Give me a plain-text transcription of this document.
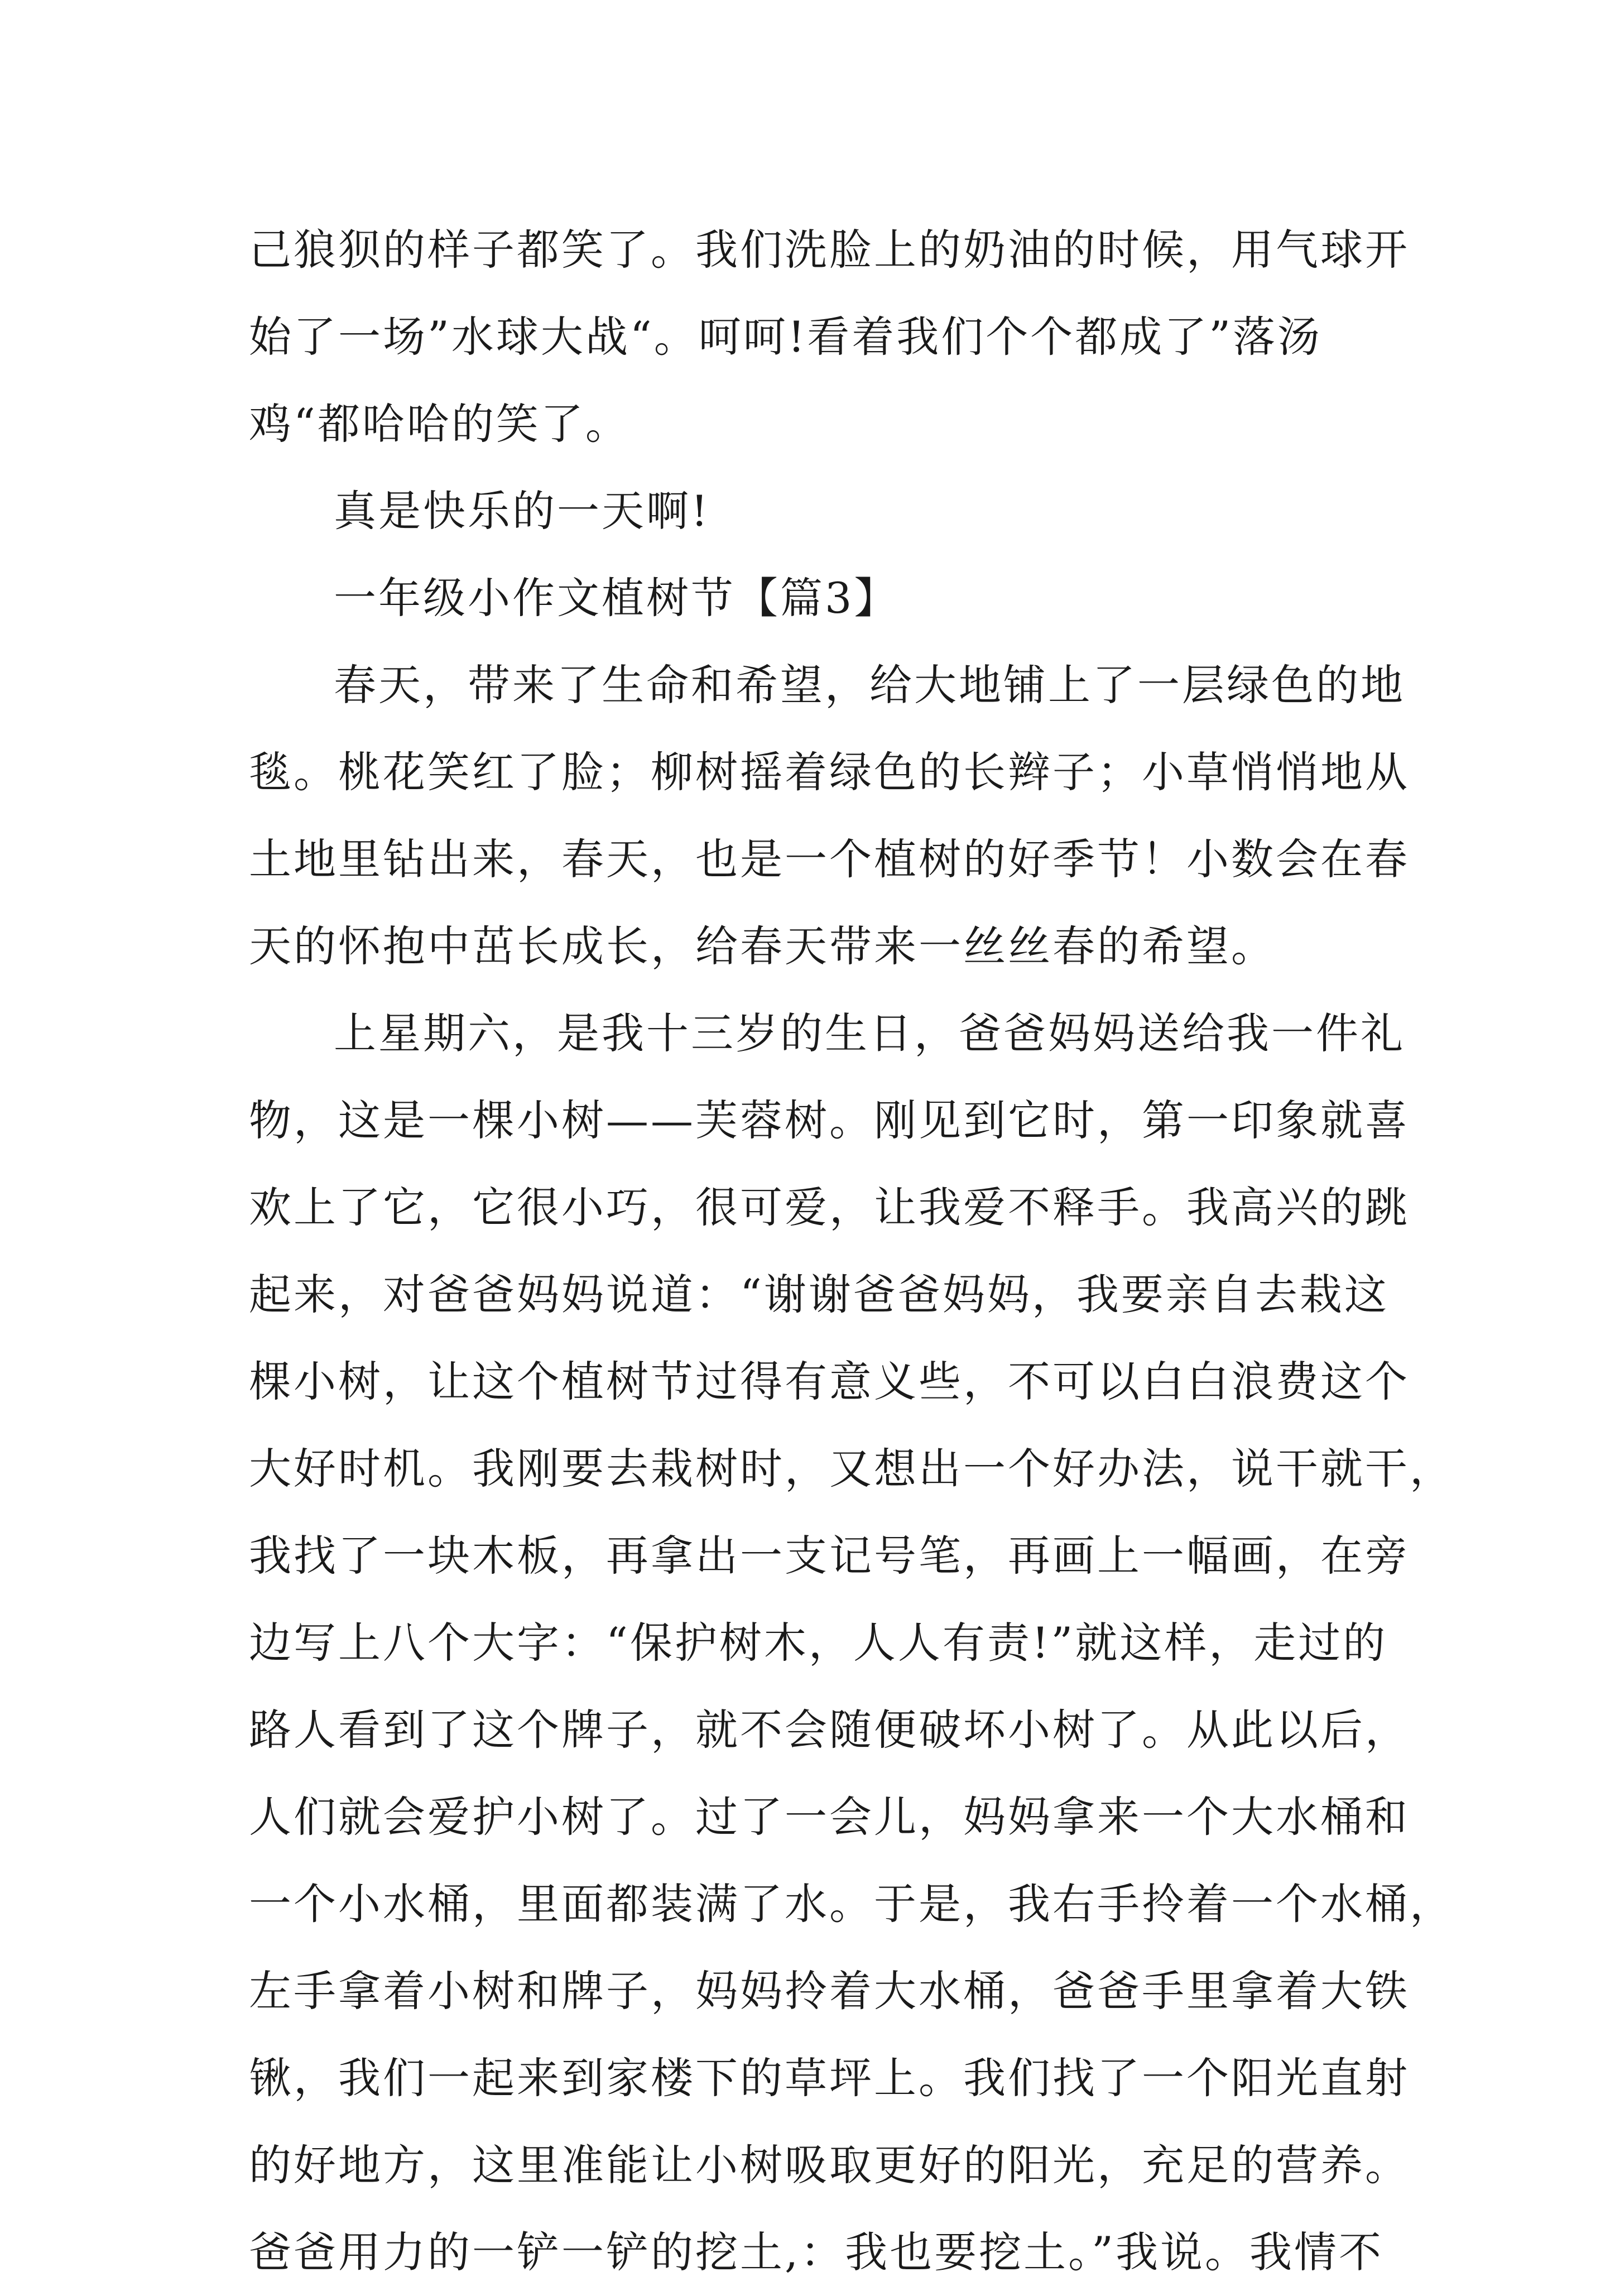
己狼狈的样子都笑了。我们洗脸上的奶油的时候，用气球开
始了一场”水球大战“。呵呵!看着我们个个都成了”落汤
鸡“都哈哈的笑了。
真是快乐的一天啊!
一年级小作文植树节【篇3】
春天，带来了生命和希望，给大地铺上了一层绿色的地
毯。桃花笑红了脸；柳树摇着绿色的长辫子；小草悄悄地从
土地里钻出来，春天，也是一个植树的好季节！小数会在春
天的怀抱中茁长成长，给春天带来一丝丝春的希望。
上星期六，是我十三岁的生日，爸爸妈妈送给我一件礼
物，这是一棵小树——芙蓉树。刚见到它时，第一印象就喜
欢上了它，它很小巧，很可爱，让我爱不释手。我高兴的跳
起来，对爸爸妈妈说道：“谢谢爸爸妈妈，我要亲自去栽这
棵小树，让这个植树节过得有意义些，不可以白白浪费这个
大好时机。我刚要去栽树时，又想出一个好办法，说干就干，
我找了一块木板，再拿出一支记号笔，再画上一幅画，在旁
边写上八个大字：“保护树木，人人有责!”就这样，走过的
路人看到了这个牌子，就不会随便破坏小树了。从此以后，
人们就会爱护小树了。过了一会儿，妈妈拿来一个大水桶和
一个小水桶，里面都装满了水。于是，我右手拎着一个水桶，
左手拿着小树和牌子，妈妈拎着大水桶，爸爸手里拿着大铁
锹，我们一起来到家楼下的草坪上。我们找了一个阳光直射
的好地方，这里准能让小树吸取更好的阳光，充足的营养。
爸爸用力的一铲一铲的挖土,：我也要挖土。”我说。我情不
